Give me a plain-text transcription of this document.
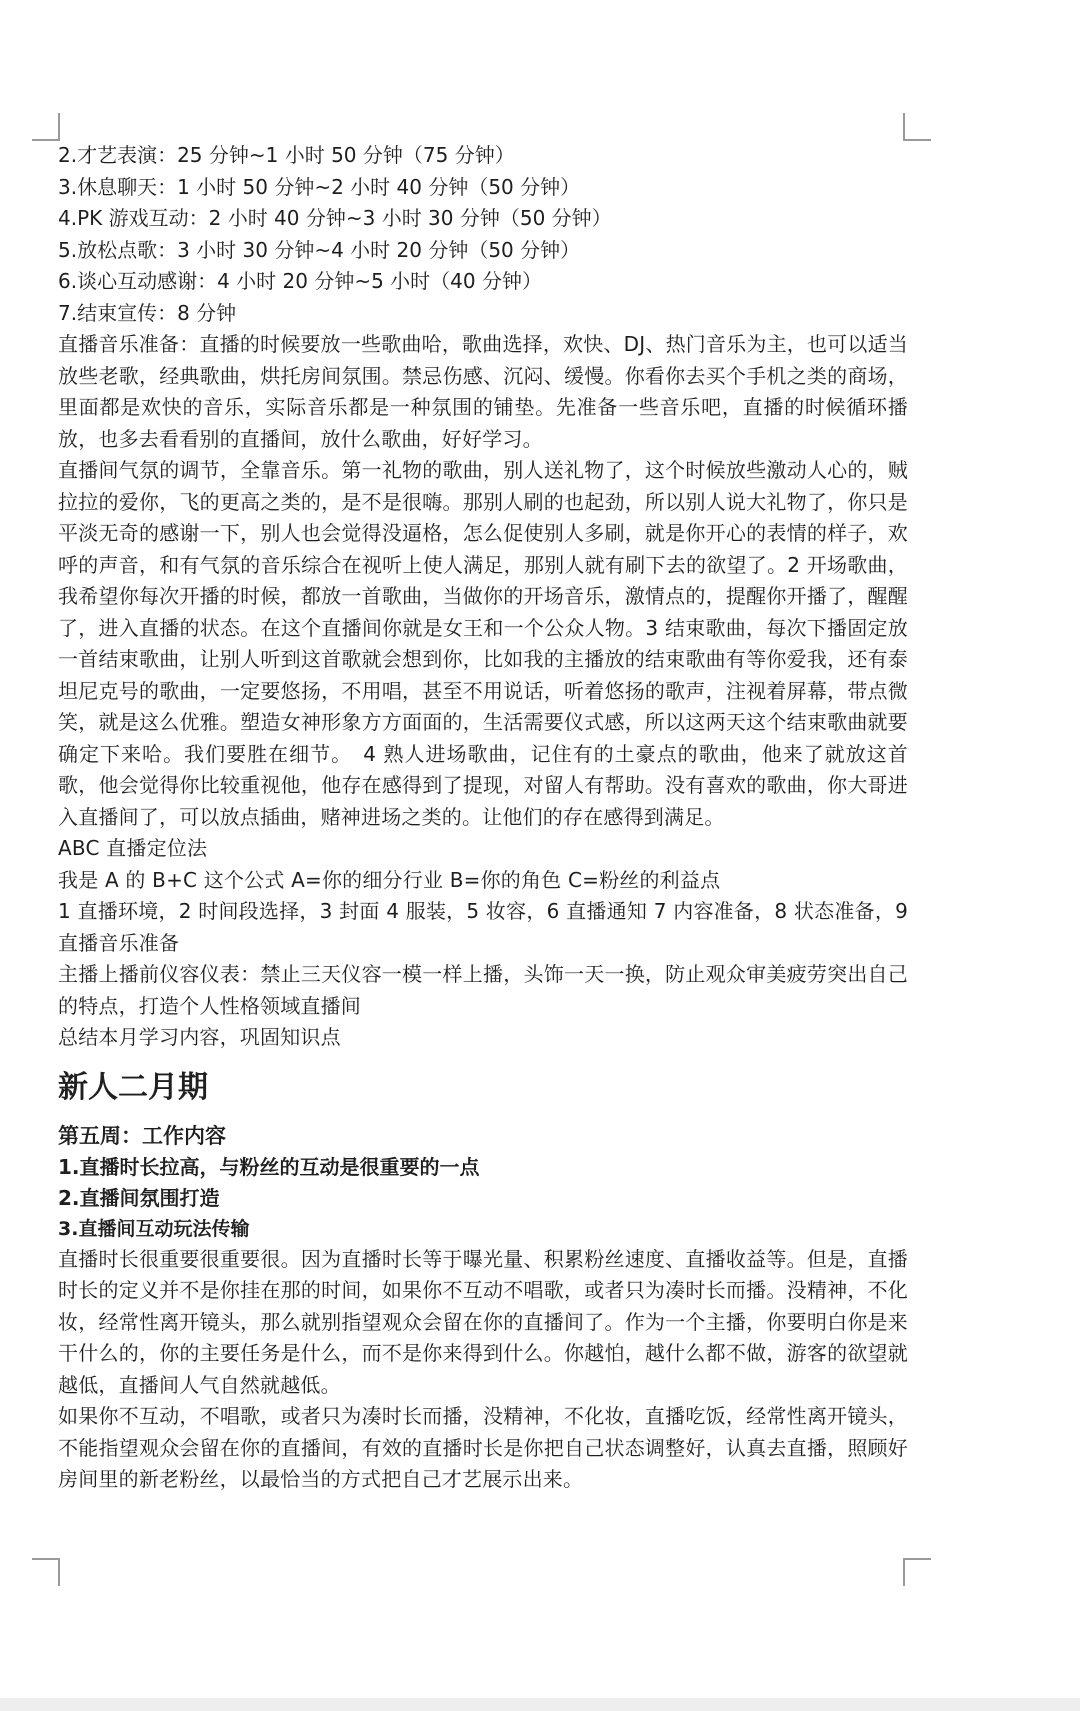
2.才艺表演：25 分钟~1 小时 50 分钟（75 分钟）

3.休息聊天：1 小时 50 分钟~2 小时 40 分钟（50 分钟）

4.PK 游戏互动：2 小时 40 分钟~3 小时 30 分钟（50 分钟）

5.放松点歌：3 小时 30 分钟~4 小时 20 分钟（50 分钟）

6.谈心互动感谢：4 小时 20 分钟~5 小时（40 分钟）

7.结束宣传：8 分钟

直播音乐准备：直播的时候要放一些歌曲哈，歌曲选择，欢快、DJ、热门音乐为主，也可以适当放些老歌，经典歌曲，烘托房间氛围。禁忌伤感、沉闷、缓慢。你看你去买个手机之类的商场，里面都是欢快的音乐，实际音乐都是一种氛围的铺垫。先准备一些音乐吧，直播的时候循环播放，也多去看看别的直播间，放什么歌曲，好好学习。

直播间气氛的调节，全靠音乐。第一礼物的歌曲，别人送礼物了，这个时候放些激动人心的，贼拉拉的爱你，飞的更高之类的，是不是很嗨。那别人刷的也起劲，所以别人说大礼物了，你只是平淡无奇的感谢一下，别人也会觉得没逼格，怎么促使别人多刷，就是你开心的表情的样子，欢呼的声音，和有气氛的音乐综合在视听上使人满足，那别人就有刷下去的欲望了。2 开场歌曲，我希望你每次开播的时候，都放一首歌曲，当做你的开场音乐，激情点的，提醒你开播了，醒醒了，进入直播的状态。在这个直播间你就是女王和一个公众人物。3 结束歌曲，每次下播固定放一首结束歌曲，让别人听到这首歌就会想到你，比如我的主播放的结束歌曲有等你爱我，还有泰坦尼克号的歌曲，一定要悠扬，不用唱，甚至不用说话，听着悠扬的歌声，注视着屏幕，带点微笑，就是这么优雅。塑造女神形象方方面面的，生活需要仪式感，所以这两天这个结束歌曲就要确定下来哈。我们要胜在细节。　4 熟人进场歌曲，记住有的土豪点的歌曲，他来了就放这首歌，他会觉得你比较重视他，他存在感得到了提现，对留人有帮助。没有喜欢的歌曲，你大哥进入直播间了，可以放点插曲，赌神进场之类的。让他们的存在感得到满足。

ABC 直播定位法

我是 A 的 B+C 这个公式 A=你的细分行业 B=你的角色 C=粉丝的利益点

1 直播环境，2 时间段选择，3 封面 4 服装，5 妆容，6 直播通知 7 内容准备，8 状态准备，9 直播音乐准备

主播上播前仪容仪表：禁止三天仪容一模一样上播，头饰一天一换，防止观众审美疲劳突出自己的特点，打造个人性格领域直播间

总结本月学习内容，巩固知识点

新人二月期

第五周：工作内容

1.直播时长拉高，与粉丝的互动是很重要的一点

2.直播间氛围打造

3.直播间互动玩法传输

直播时长很重要很重要很。因为直播时长等于曝光量、积累粉丝速度、直播收益等。但是，直播时长的定义并不是你挂在那的时间，如果你不互动不唱歌，或者只为凑时长而播。没精神，不化妆，经常性离开镜头，那么就别指望观众会留在你的直播间了。作为一个主播，你要明白你是来干什么的，你的主要任务是什么，而不是你来得到什么。你越怕，越什么都不做，游客的欲望就越低，直播间人气自然就越低。

如果你不互动，不唱歌，或者只为凑时长而播，没精神，不化妆，直播吃饭，经常性离开镜头，不能指望观众会留在你的直播间，有效的直播时长是你把自己状态调整好，认真去直播，照顾好房间里的新老粉丝，以最恰当的方式把自己才艺展示出来。
